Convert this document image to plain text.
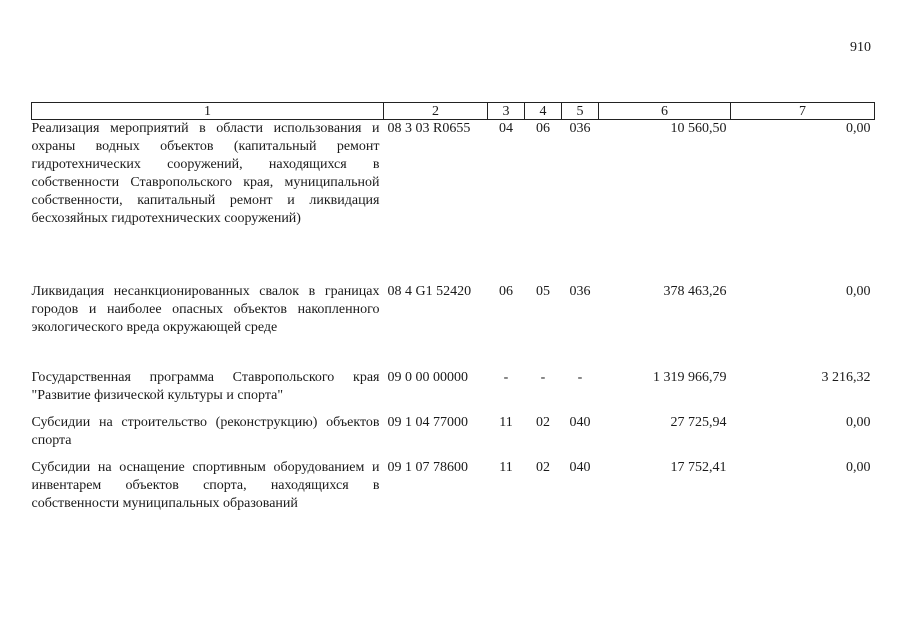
910
1	2	3	4	5	6	7
Реализация мероприятий в области использования и охраны водных объектов (капитальный ремонт гидротехнических сооружений, находящихся в собственности Ставропольского края, муниципальной собственности, капитальный ремонт и ликвидация бесхозяйных гидротехнических сооружений)	08 3 03 R0655	04	06	036	10 560,50	0,00
Ликвидация несанкционированных свалок в границах городов и наиболее опасных объектов накопленного экологического вреда окружающей среде	08 4 G1 52420	06	05	036	378 463,26	0,00
Государственная программа Ставропольского края "Развитие физической культуры и спорта"	09 0 00 00000	-	-	-	1 319 966,79	3 216,32
Субсидии на строительство (реконструкцию) объектов спорта	09 1 04 77000	11	02	040	27 725,94	0,00
Субсидии на оснащение спортивным оборудованием и инвентарем объектов спорта, находящихся в собственности муниципальных образований	09 1 07 78600	11	02	040	17 752,41	0,00
